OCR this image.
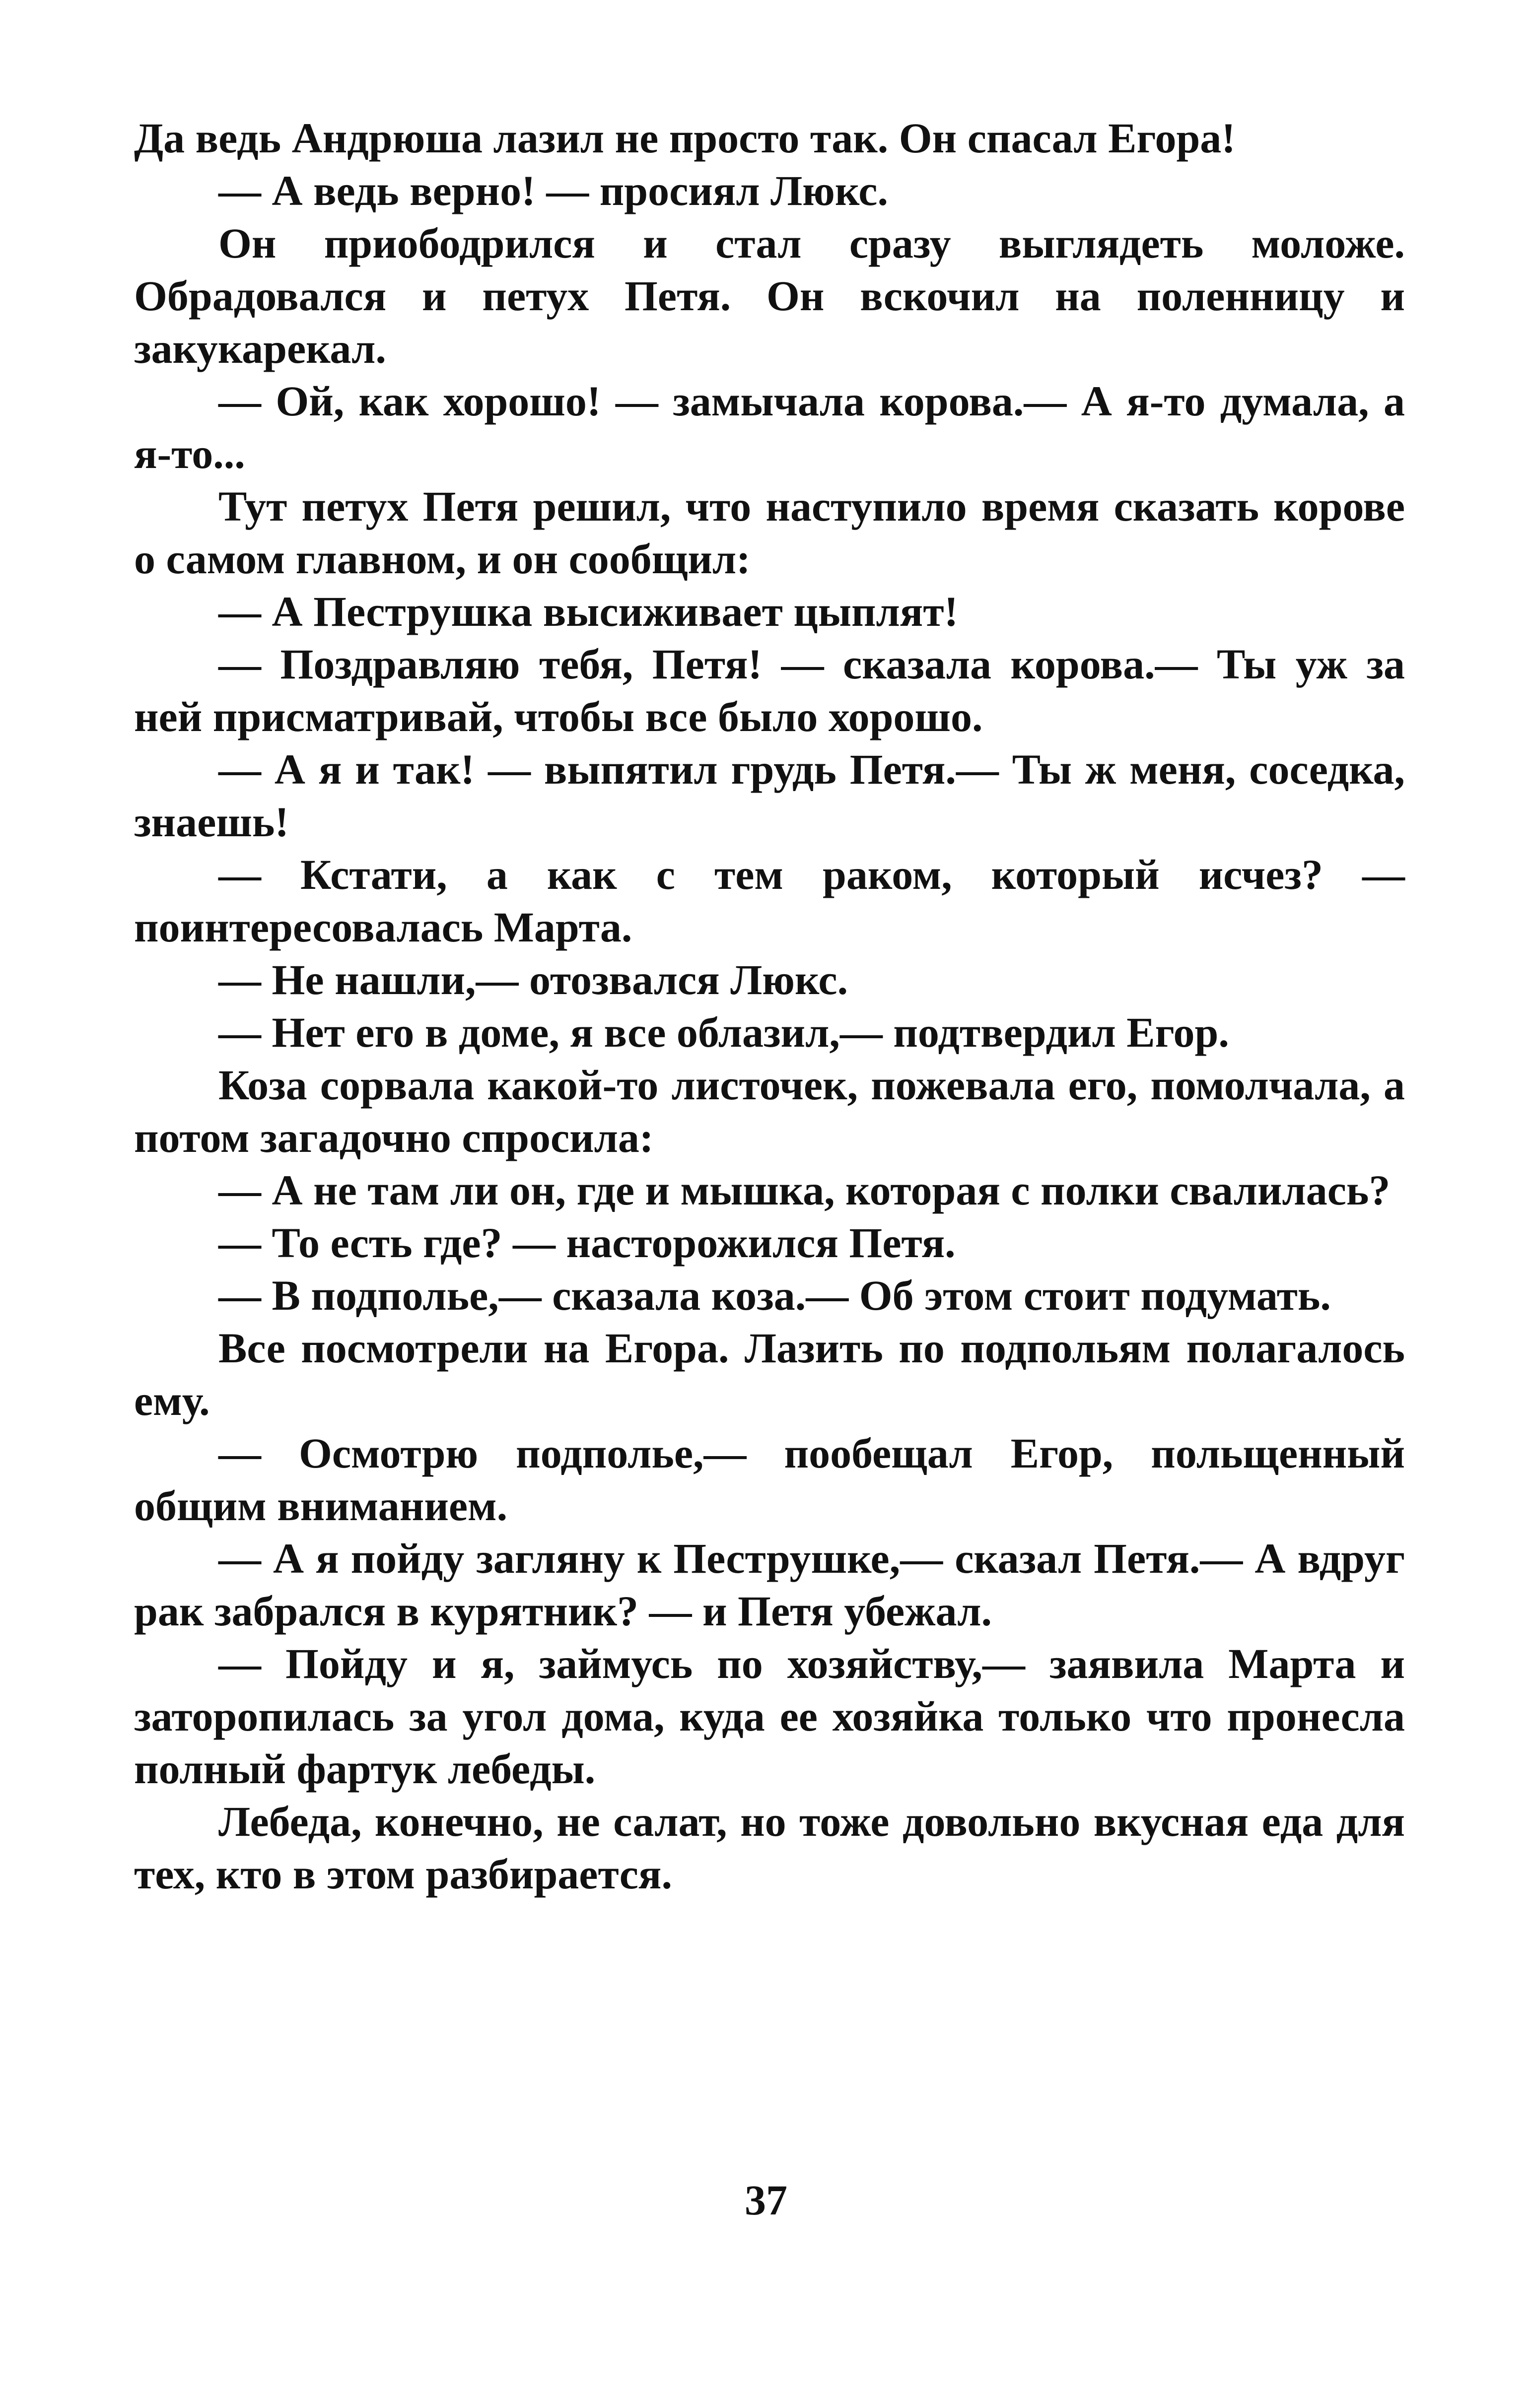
Да ведь Андрюша лазил не просто так. Он спасал Егора!

— А ведь верно! — просиял Люкс.

Он приободрился и стал сразу выглядеть моложе. Обрадовался и петух Петя. Он вскочил на поленницу и закукарекал.

— Ой, как хорошо! — замычала корова.— А я-то думала, а я-то...

Тут петух Петя решил, что наступило время сказать корове о самом главном, и он сообщил:

— А Пеструшка высиживает цыплят!

— Поздравляю тебя, Петя! — сказала корова.— Ты уж за ней присматривай, чтобы все было хорошо.

— А я и так! — выпятил грудь Петя.— Ты ж меня, соседка, знаешь!

— Кстати, а как с тем раком, который исчез? — поинтересовалась Марта.

— Не нашли,— отозвался Люкс.

— Нет его в доме, я все облазил,— подтвердил Егор.

Коза сорвала какой-то листочек, пожевала его, помолчала, а потом загадочно спросила:

— А не там ли он, где и мышка, которая с полки свалилась?

— То есть где? — насторожился Петя.

— В подполье,— сказала коза.— Об этом стоит подумать.

Все посмотрели на Егора. Лазить по подпольям полагалось ему.

— Осмотрю подполье,— пообещал Егор, польщенный общим вниманием.

— А я пойду загляну к Пеструшке,— сказал Петя.— А вдруг рак забрался в курятник? — и Петя убежал.

— Пойду и я, займусь по хозяйству,— заявила Марта и заторопилась за угол дома, куда ее хозяйка только что пронесла полный фартук лебеды.

Лебеда, конечно, не салат, но тоже довольно вкусная еда для тех, кто в этом разбирается.

37
